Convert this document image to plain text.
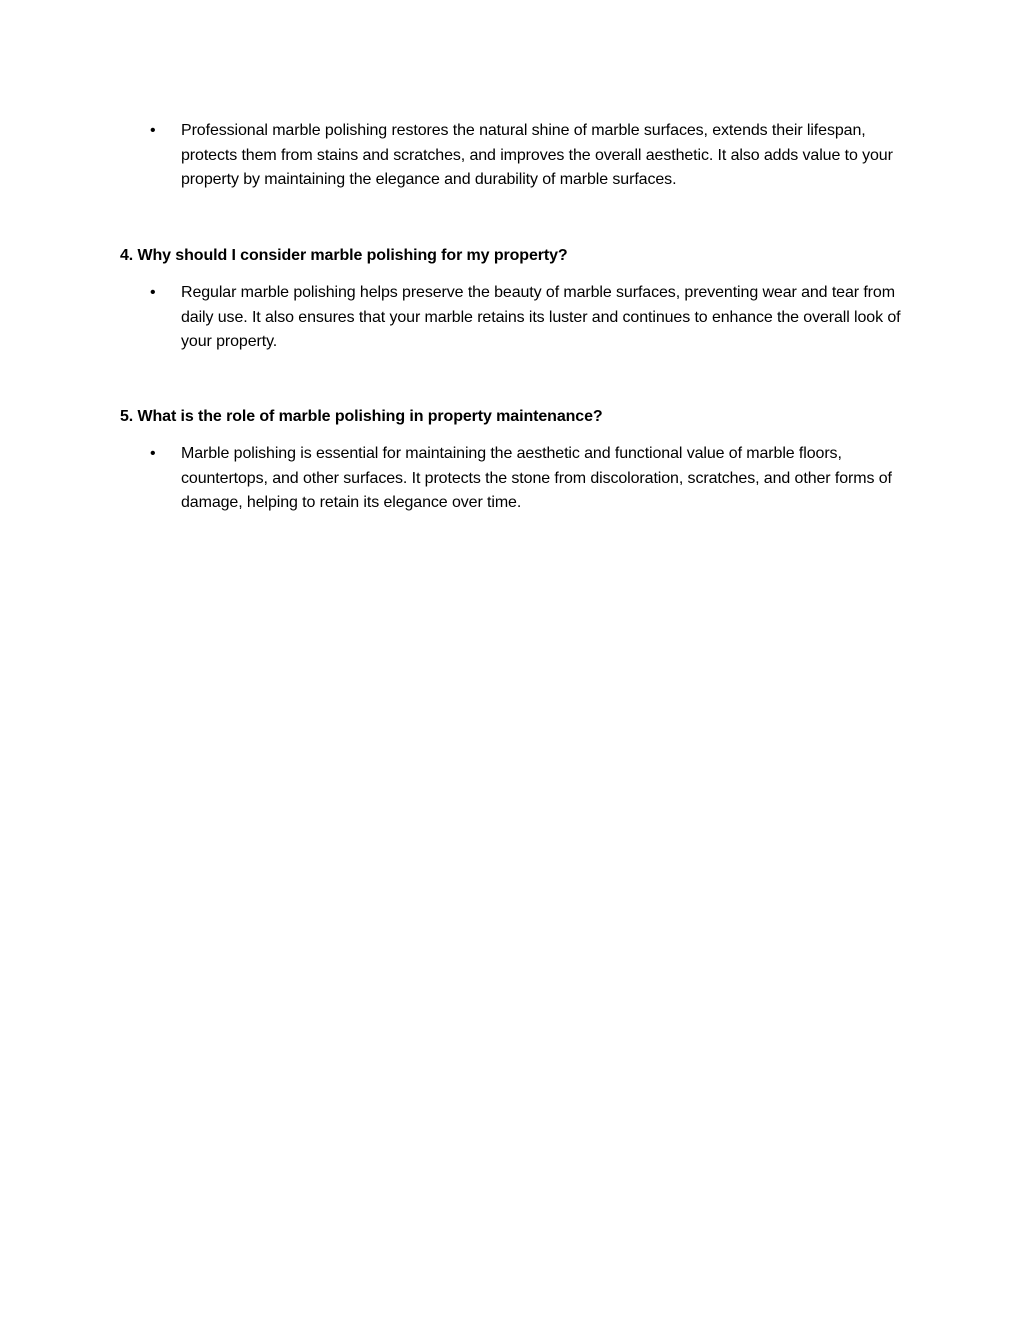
• Professional marble polishing restores the natural shine of marble surfaces, extends their lifespan, protects them from stains and scratches, and improves the overall aesthetic. It also adds value to your property by maintaining the elegance and durability of marble surfaces.
4. Why should I consider marble polishing for my property?
• Regular marble polishing helps preserve the beauty of marble surfaces, preventing wear and tear from daily use. It also ensures that your marble retains its luster and continues to enhance the overall look of your property.
5. What is the role of marble polishing in property maintenance?
• Marble polishing is essential for maintaining the aesthetic and functional value of marble floors, countertops, and other surfaces. It protects the stone from discoloration, scratches, and other forms of damage, helping to retain its elegance over time.
